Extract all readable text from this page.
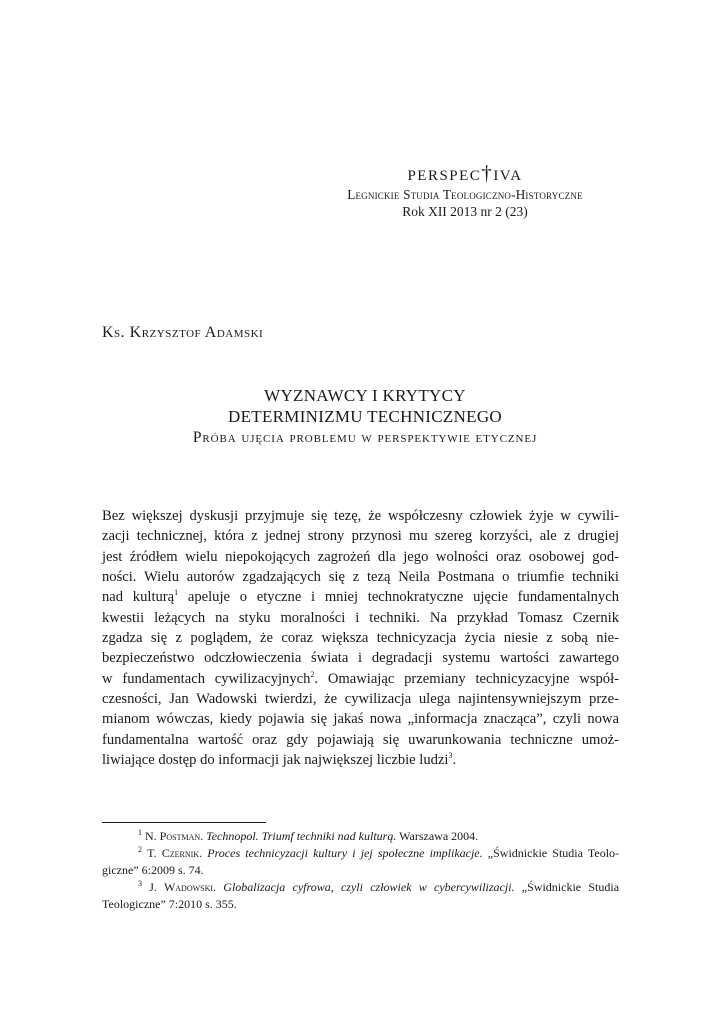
perspec†iva
Legnickie Studia Teologiczno-Historyczne
Rok XII 2013 nr 2 (23)
Ks. Krzysztof Adamski
WYZNAWCY I KRYTYCY
DETERMINIZMU TECHNICZNEGO
Próba ujęcia problemu w perspektywie etycznej
Bez większej dyskusji przyjmuje się tezę, że współczesny człowiek żyje w cywili-
zacji technicznej, która z jednej strony przynosi mu szereg korzyści, ale z drugiej
jest źródłem wielu niepokojących zagrożeń dla jego wolności oraz osobowej god-
ności. Wielu autorów zgadzających się z tezą Neila Postmana o triumfie techniki
nad kulturą$^1$ apeluje o etyczne i mniej technokratyczne ujęcie fundamentalnych
kwestii leżących na styku moralności i techniki. Na przykład Tomasz Czernik
zgadza się z poglądem, że coraz większa technicyzacja życia niesie z sobą nie-
bezpieczeństwo odczłowieczenia świata i degradacji systemu wartości zawartego
w fundamentach cywilizacyjnych$^2$. Omawiając przemiany technicyzacyjne współ-
czesności, Jan Wadowski twierdzi, że cywilizacja ulega najintensywniejszym prze-
mianom wówczas, kiedy pojawia się jakaś nowa „informacja znacząca”, czyli nowa
fundamentalna wartość oraz gdy pojawiają się uwarunkowania techniczne umoż-
liwiające dostęp do informacji jak największej liczbie ludzi$^3$.
$^1$ N. Postman. Technopol. Triumf techniki nad kulturą. Warszawa 2004.
$^2$ T. Czernik. Proces technicyzacji kultury i jej społeczne implikacje. „Świdnickie Studia Teolo-
giczne” 6:2009 s. 74.
$^3$ J. Wadowski. Globalizacja cyfrowa, czyli człowiek w cybercywilizacji. „Świdnickie Studia
Teologiczne” 7:2010 s. 355.
